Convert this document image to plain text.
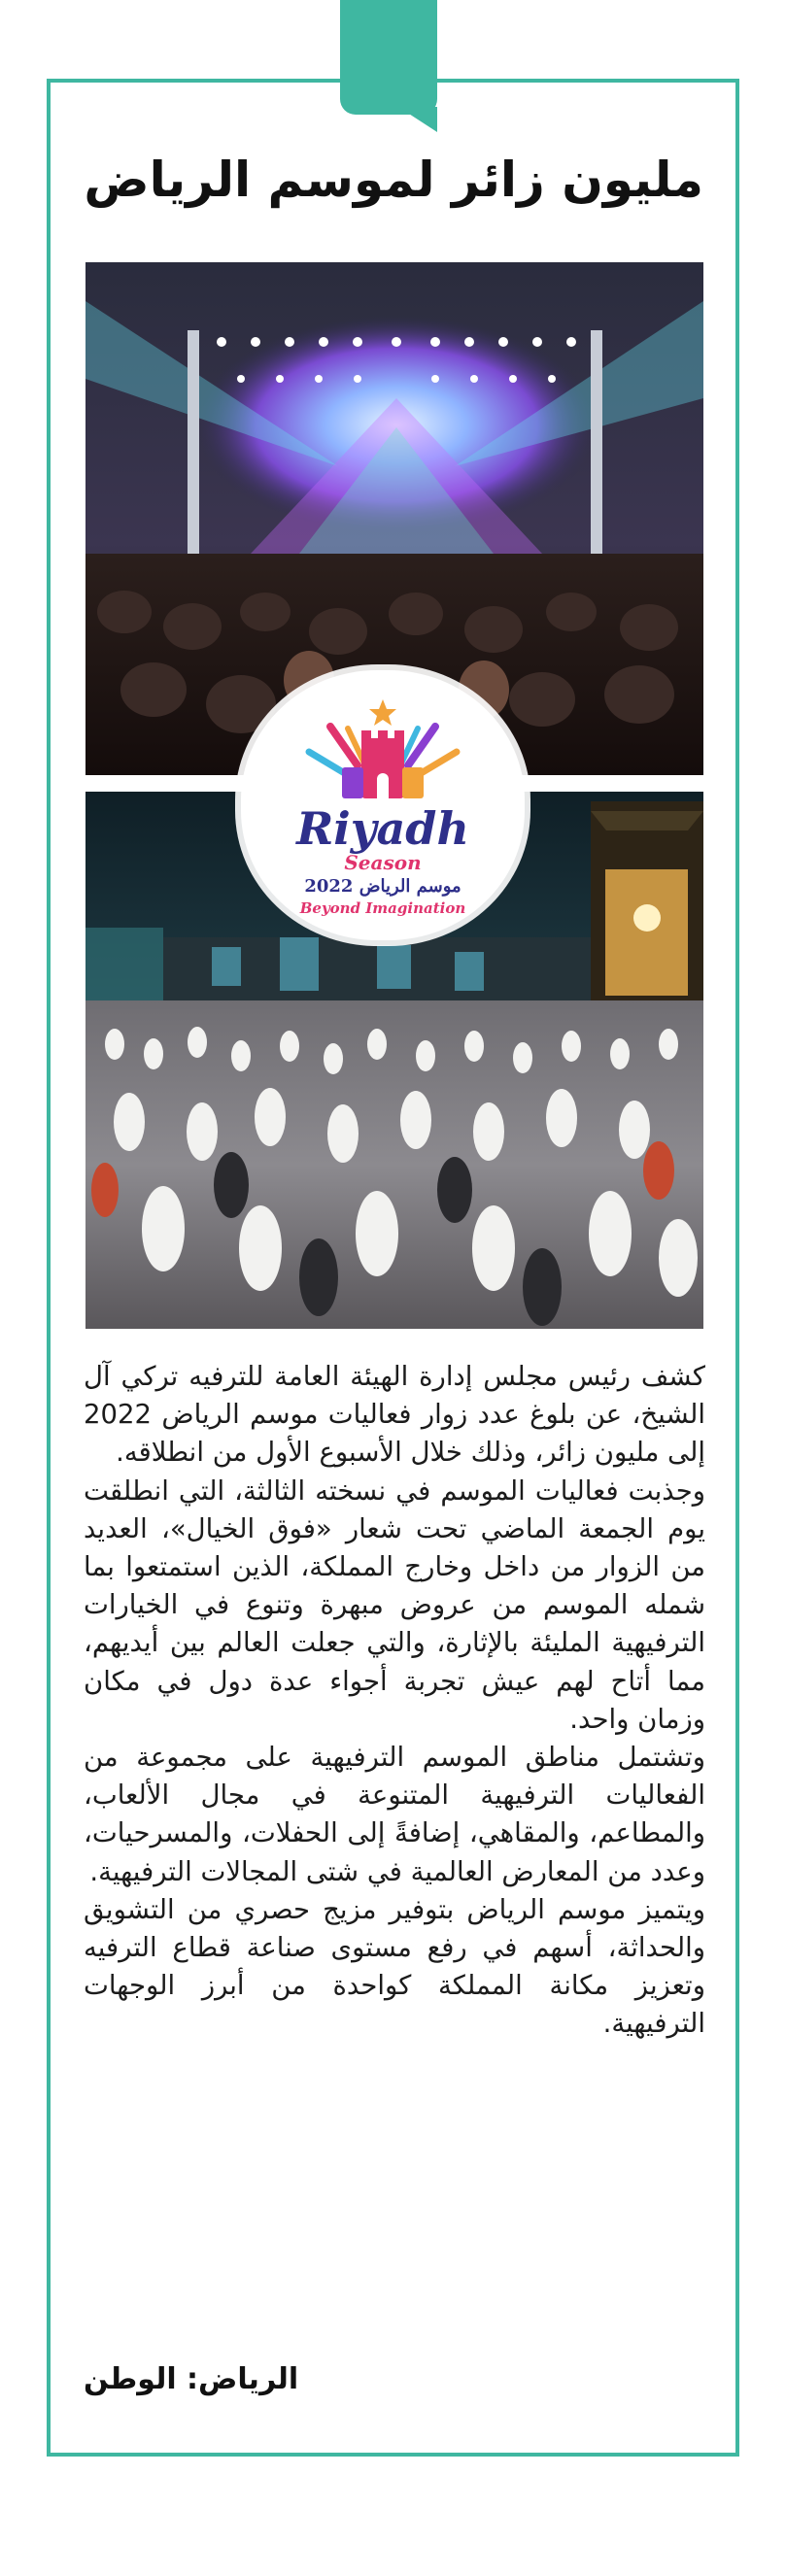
مليون زائر لموسم الرياض
Riyadh
Season
موسم الرياض 2022
Beyond Imagination

كشف رئيس مجلس إدارة الهيئة العامة للترفيه تركي آل الشيخ، عن بلوغ عدد زوار فعاليات موسم الرياض 2022 إلى مليون زائر، وذلك خلال الأسبوع الأول من انطلاقه.

وجذبت فعاليات الموسم في نسخته الثالثة، التي انطلقت يوم الجمعة الماضي تحت شعار «فوق الخيال»، العديد من الزوار من داخل وخارج المملكة، الذين استمتعوا بما شمله الموسم من عروض مبهرة وتنوع في الخيارات الترفيهية المليئة بالإثارة، والتي جعلت العالم بين أيديهم، مما أتاح لهم عيش تجربة أجواء عدة دول في مكان وزمان واحد.

وتشتمل مناطق الموسم الترفيهية على مجموعة من الفعاليات الترفيهية المتنوعة في مجال الألعاب، والمطاعم، والمقاهي، إضافةً إلى الحفلات، والمسرحيات، وعدد من المعارض العالمية في شتى المجالات الترفيهية.

ويتميز موسم الرياض بتوفير مزيج حصري من التشويق والحداثة، أسهم في رفع مستوى صناعة قطاع الترفيه وتعزيز مكانة المملكة كواحدة من أبرز الوجهات الترفيهية.

الرياض: الوطن
